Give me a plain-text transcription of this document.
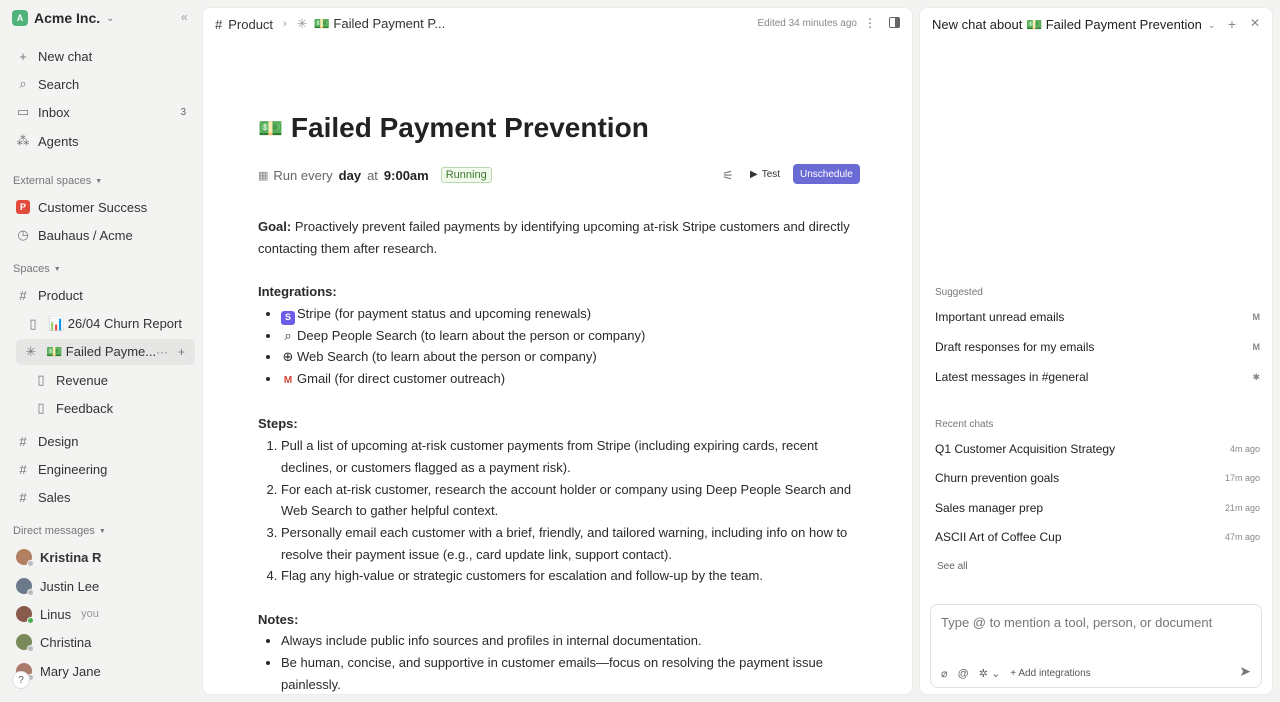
A Acme Inc. ⌄	«
+ New chat
⌕ Search
▭ Inbox	3
⁂ Agents
External spaces ▼
P Customer Success
◷ Bauhaus / Acme
Spaces ▼
# Product
▯ 📊 26/04 Churn Report
✳ 💵 Failed Payme... ··· +
▯ Revenue
▯ Feedback
# Design
# Engineering
# Sales
Direct messages ▼
Kristina R
Justin Lee
Linus you
Christina
Mary Jane
?
# Product › ✳ 💵 Failed Payment P...	Edited 34 minutes ago ⋮
💵 Failed Payment Prevention
▦ Run every day at 9:00am	Running	⚟ ▶ Test	Unschedule

Goal: Proactively prevent failed payments by identifying upcoming at-risk Stripe customers and directly contacting them after research.

Integrations:

• S Stripe (for payment status and upcoming renewals)
• ⌕ Deep People Search (to learn about the person or company)
• ⊕ Web Search (to learn about the person or company)
• M Gmail (for direct customer outreach)

Steps:

1. Pull a list of upcoming at-risk customer payments from Stripe (including expiring cards, recent declines, or customers flagged as a payment risk).
2. For each at-risk customer, research the account holder or company using Deep People Search and Web Search to gather helpful context.
3. Personally email each customer with a brief, friendly, and tailored warning, including info on how to resolve their payment issue (e.g., card update link, support contact).
4. Flag any high-value or strategic customers for escalation and follow-up by the team.

Notes:

• Always include public info sources and profiles in internal documentation.
• Be human, concise, and supportive in customer emails—focus on resolving the payment issue painlessly.
New chat about 💵 Failed Payment Prevention ⌄ + ✕
Suggested
Important unread emails	M
Draft responses for my emails	M
Latest messages in #general	✱
Recent chats
Q1 Customer Acquisition Strategy	4m ago
Churn prevention goals	17m ago
Sales manager prep	21m ago
ASCII Art of Coffee Cup	47m ago
See all
Type @ to mention a tool, person, or document
⌀ @ ✲ ⌄ + Add integrations	➤
